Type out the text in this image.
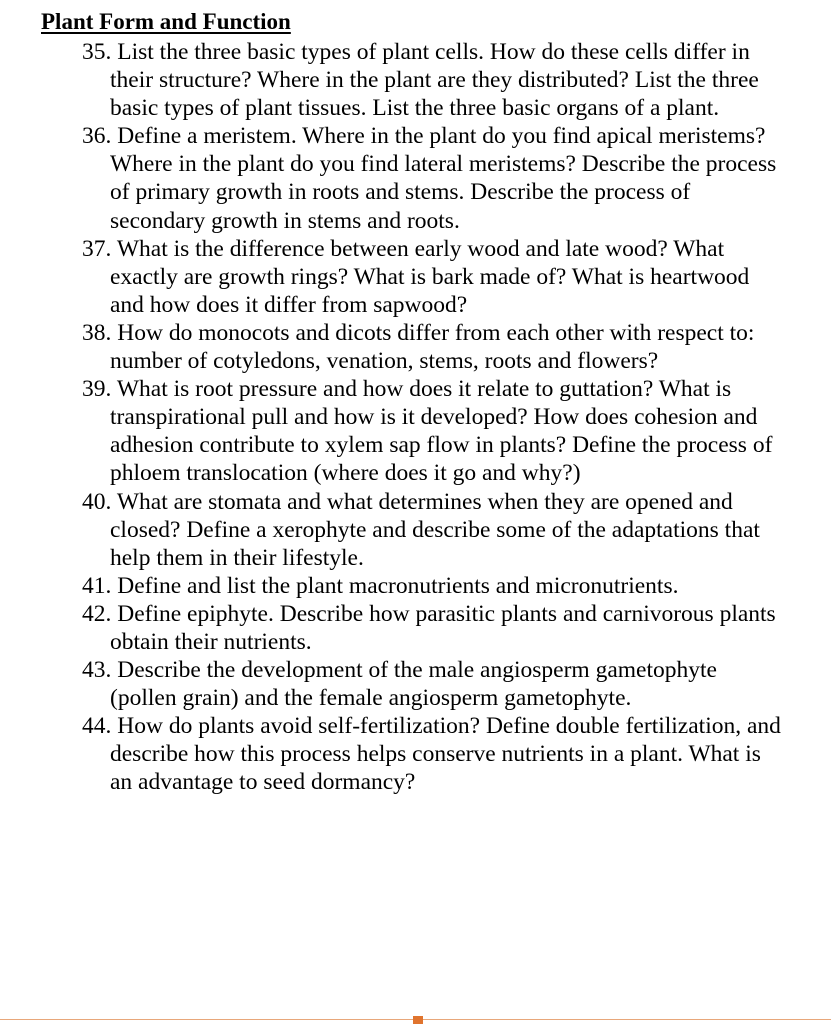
Plant Form and Function
35. List the three basic types of plant cells. How do these cells differ in their structure? Where in the plant are they distributed? List the three basic types of plant tissues. List the three basic organs of a plant.
36. Define a meristem. Where in the plant do you find apical meristems? Where in the plant do you find lateral meristems? Describe the process of primary growth in roots and stems. Describe the process of secondary growth in stems and roots.
37. What is the difference between early wood and late wood? What exactly are growth rings? What is bark made of? What is heartwood and how does it differ from sapwood?
38. How do monocots and dicots differ from each other with respect to: number of cotyledons, venation, stems, roots and flowers?
39. What is root pressure and how does it relate to guttation? What is transpirational pull and how is it developed? How does cohesion and adhesion contribute to xylem sap flow in plants? Define the process of phloem translocation (where does it go and why?)
40. What are stomata and what determines when they are opened and closed? Define a xerophyte and describe some of the adaptations that help them in their lifestyle.
41. Define and list the plant macronutrients and micronutrients.
42. Define epiphyte. Describe how parasitic plants and carnivorous plants obtain their nutrients.
43. Describe the development of the male angiosperm gametophyte (pollen grain) and the female angiosperm gametophyte.
44. How do plants avoid self-fertilization? Define double fertilization, and describe how this process helps conserve nutrients in a plant. What is an advantage to seed dormancy?
